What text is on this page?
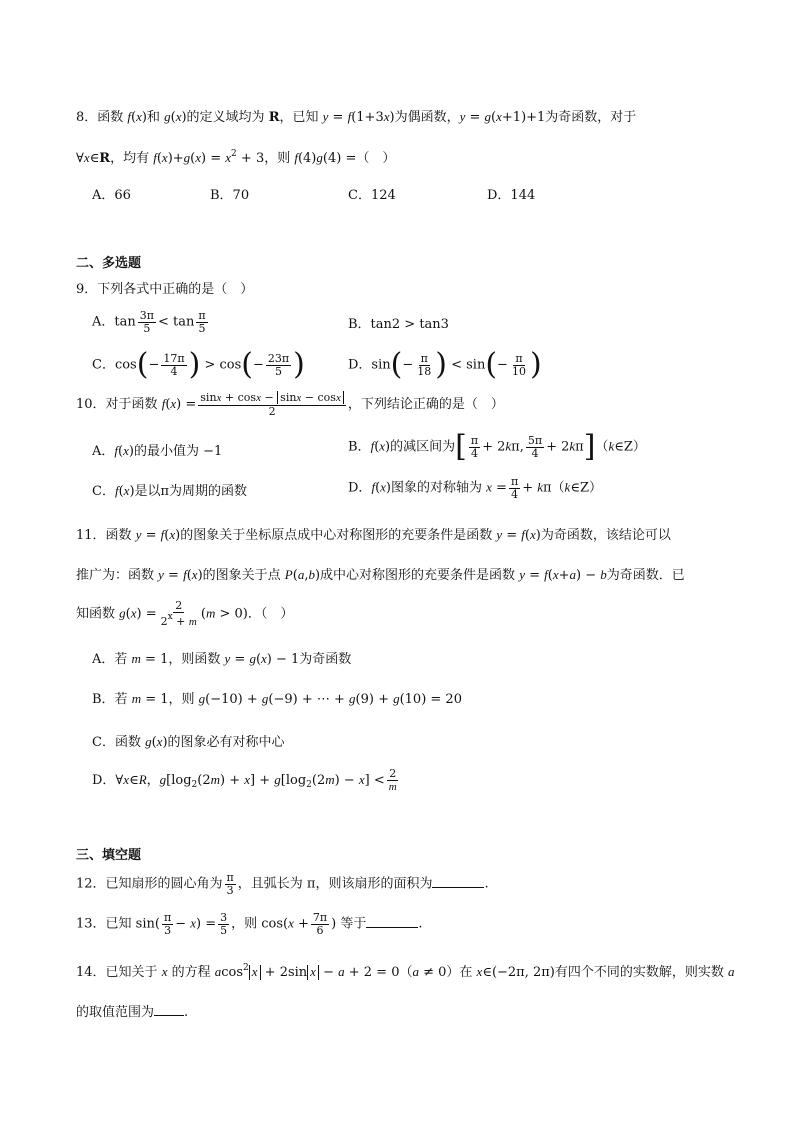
8．函数 f(x)和 g(x)的定义域均为 R，已知 y = f(1+3x)为偶函数，y = g(x+1)+1为奇函数，对于
∀x∈R，均有 $f(x)+g(x) = x^2 + 3$，则 f(4)g(4) =（　）
A．66	B．70	C．124	D．144
二、多选题
9．下列各式中正确的是（　）
A．$\tan \frac{3\pi}{5} < \tan \frac{\pi}{5}$	B．tan2 > tan3
C．$\cos(- \frac{17\pi}{4}$ ) > $\cos(- \frac{23\pi}{5}$ )	D．$\sin(- \frac{\pi}{18}$ ) < $\sin(- \frac{\pi}{10}$ )
10．对于函数 $f(x) = \frac{\sin x + \cos x - \sin x - \cos x}{2}$ ，下列结论正确的是（　）
A．f(x)的最小值为 −1	B．f(x)的减区间为[ $\frac{\pi}{4} + 2k\pi$, $\frac{5\pi}{4}$ + 2kπ]（k∈Z）
C．f(x)是以π为周期的函数	D．f(x)图象的对称轴为 $x = \frac{\pi}{4}$ + kπ（k∈Z）
11．函数 y = f(x)的图象关于坐标原点成中心对称图形的充要条件是函数 y = f(x)为奇函数，该结论可以
推广为：函数 y = f(x)的图象关于点 P(a,b)成中心对称图形的充要条件是函数 y = f(x+a) − b为奇函数．已
知函数 $g(x) = \frac{2}{2^x + m} (m > 0)$．（　）
A．若 m = 1，则函数 y = g(x) − 1为奇函数
B．若 m = 1，则 g(−10) + g(−9) + ⋯ + g(9) + g(10) = 20
C．函数 g(x)的图象必有对称中心
D．∀x∈R，$g[\log_2(2m) + x] + g[\log_2(2m) - x] < \frac{2}{m}$
三、填空题
12．已知扇形的圆心角为 $\frac{\pi}{3}$ ，且弧长为 π，则该扇形的面积为	.
13．已知 $\sin( \frac{\pi}{3} - x) = \frac{3}{5}$ ，则 $\cos(x + \frac{7\pi}{6}$ ) 等于	.
14．已知关于 x 的方程 acos$^2$ x + 2sin x − a + 2 = 0（a ≠ 0）在 x∈(−2π, 2π)有四个不同的实数解，则实数 a
的取值范围为 .
